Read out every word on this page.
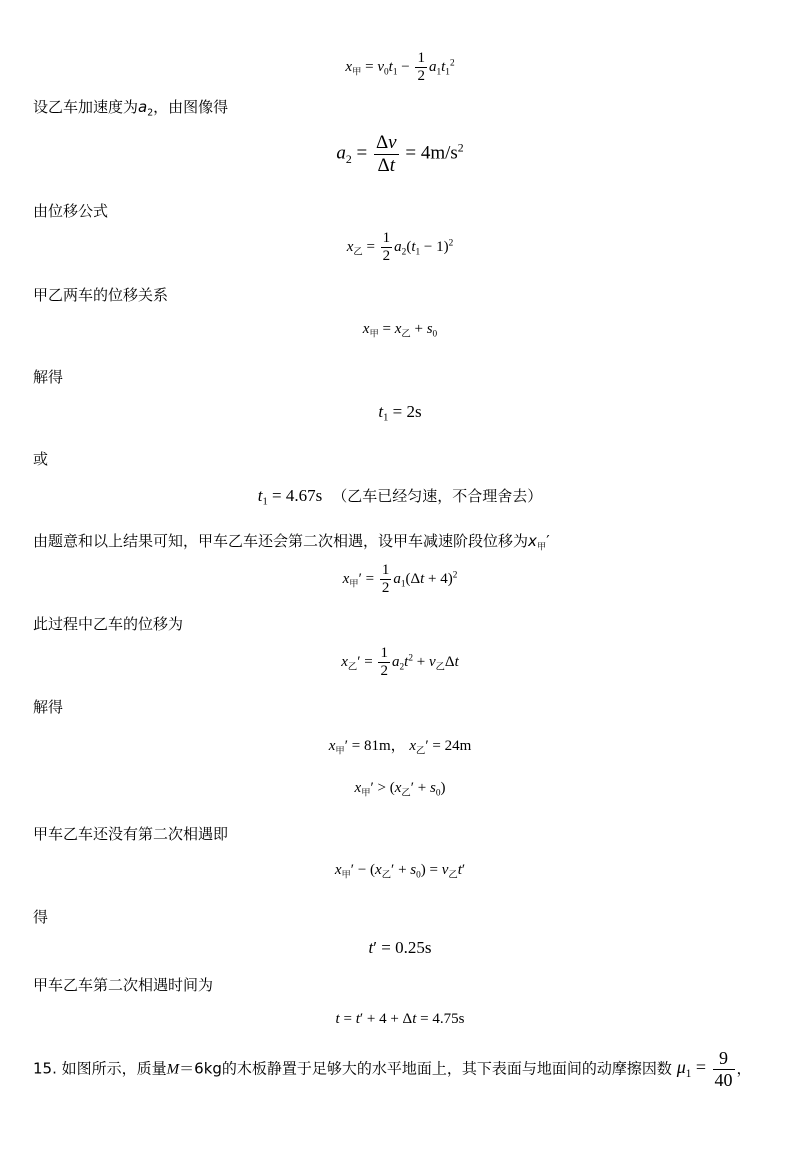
$x_甲 = v_0t_1 - \frac{1}{2} a_1t_1^2$
设乙车加速度为$a_2$，由图像得
$a_2 = \frac{\Delta v}{\Delta t} = 4m/s^2$
由位移公式
$x_乙 = \frac{1}{2} a_2(t_1 - 1)^2$
甲乙两车的位移关系
$x_甲 = x_乙 + s_0$
解得
$t_1 = 2s$
或
$t_1 = 4.67s$ （乙车已经匀速，不合理舍去）
由题意和以上结果可知，甲车乙车还会第二次相遇，设甲车减速阶段位移为$x_甲'$
$x_甲' = \frac{1}{2} a_1(\Delta t + 4)^2$
此过程中乙车的位移为
$x_乙' = \frac{1}{2} a_2t^2 + v_乙\Delta t$
解得
$x_甲' = 81m$， $x_乙' = 24m$
$x_甲' > (x_乙' + s_0)$
甲车乙车还没有第二次相遇即
$x_甲' - (x_乙' + s_0) = v_乙t'$
得
t′ = 0.25s
甲车乙车第二次相遇时间为
t = t′ + 4 + Δt = 4.75s
15. 如图所示，质量M＝6kg的木板静置于足够大的水平地面上，其下表面与地面间的动摩擦因数 $\mu_1 = \frac{9}{40}$ ，
